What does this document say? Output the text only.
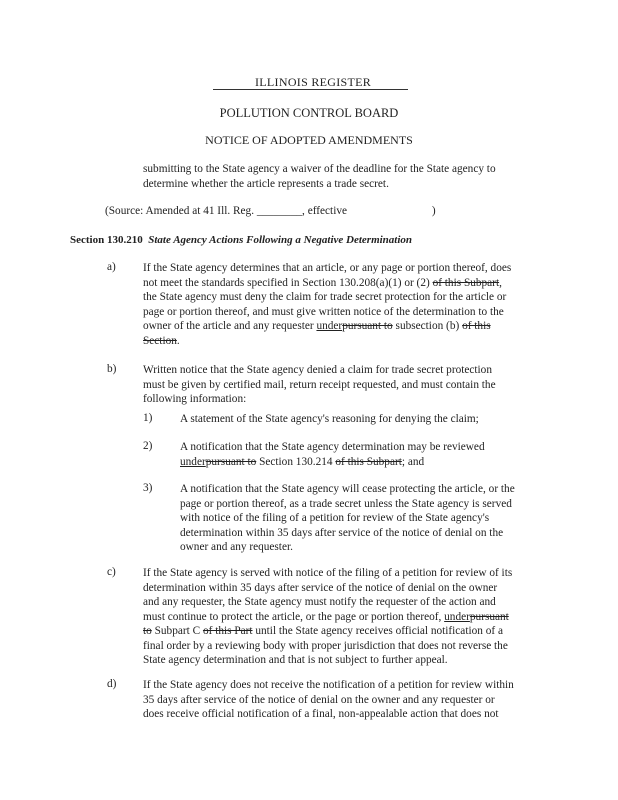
ILLINOIS REGISTER
POLLUTION CONTROL BOARD
NOTICE OF ADOPTED AMENDMENTS
submitting to the State agency a waiver of the deadline for the State agency to
determine whether the article represents a trade secret.
(Source: Amended at 41 Ill. Reg. ________, effective	)
Section 130.210 State Agency Actions Following a Negative Determination
a) If the State agency determines that an article, or any page or portion thereof, does
not meet the standards specified in Section 130.208(a)(1) or (2) of this Subpart,
the State agency must deny the claim for trade secret protection for the article or
page or portion thereof, and must give written notice of the determination to the
owner of the article and any requester underpursuant to subsection (b) of this
Section.
b) Written notice that the State agency denied a claim for trade secret protection
must be given by certified mail, return receipt requested, and must contain the
following information:
1) A statement of the State agency's reasoning for denying the claim;
2) A notification that the State agency determination may be reviewed
underpursuant to Section 130.214 of this Subpart; and
3) A notification that the State agency will cease protecting the article, or the
page or portion thereof, as a trade secret unless the State agency is served
with notice of the filing of a petition for review of the State agency's
determination within 35 days after service of the notice of denial on the
owner and any requester.
c) If the State agency is served with notice of the filing of a petition for review of its
determination within 35 days after service of the notice of denial on the owner
and any requester, the State agency must notify the requester of the action and
must continue to protect the article, or the page or portion thereof, underpursuant
to Subpart C of this Part until the State agency receives official notification of a
final order by a reviewing body with proper jurisdiction that does not reverse the
State agency determination and that is not subject to further appeal.
d) If the State agency does not receive the notification of a petition for review within
35 days after service of the notice of denial on the owner and any requester or
does receive official notification of a final, non-appealable action that does not
